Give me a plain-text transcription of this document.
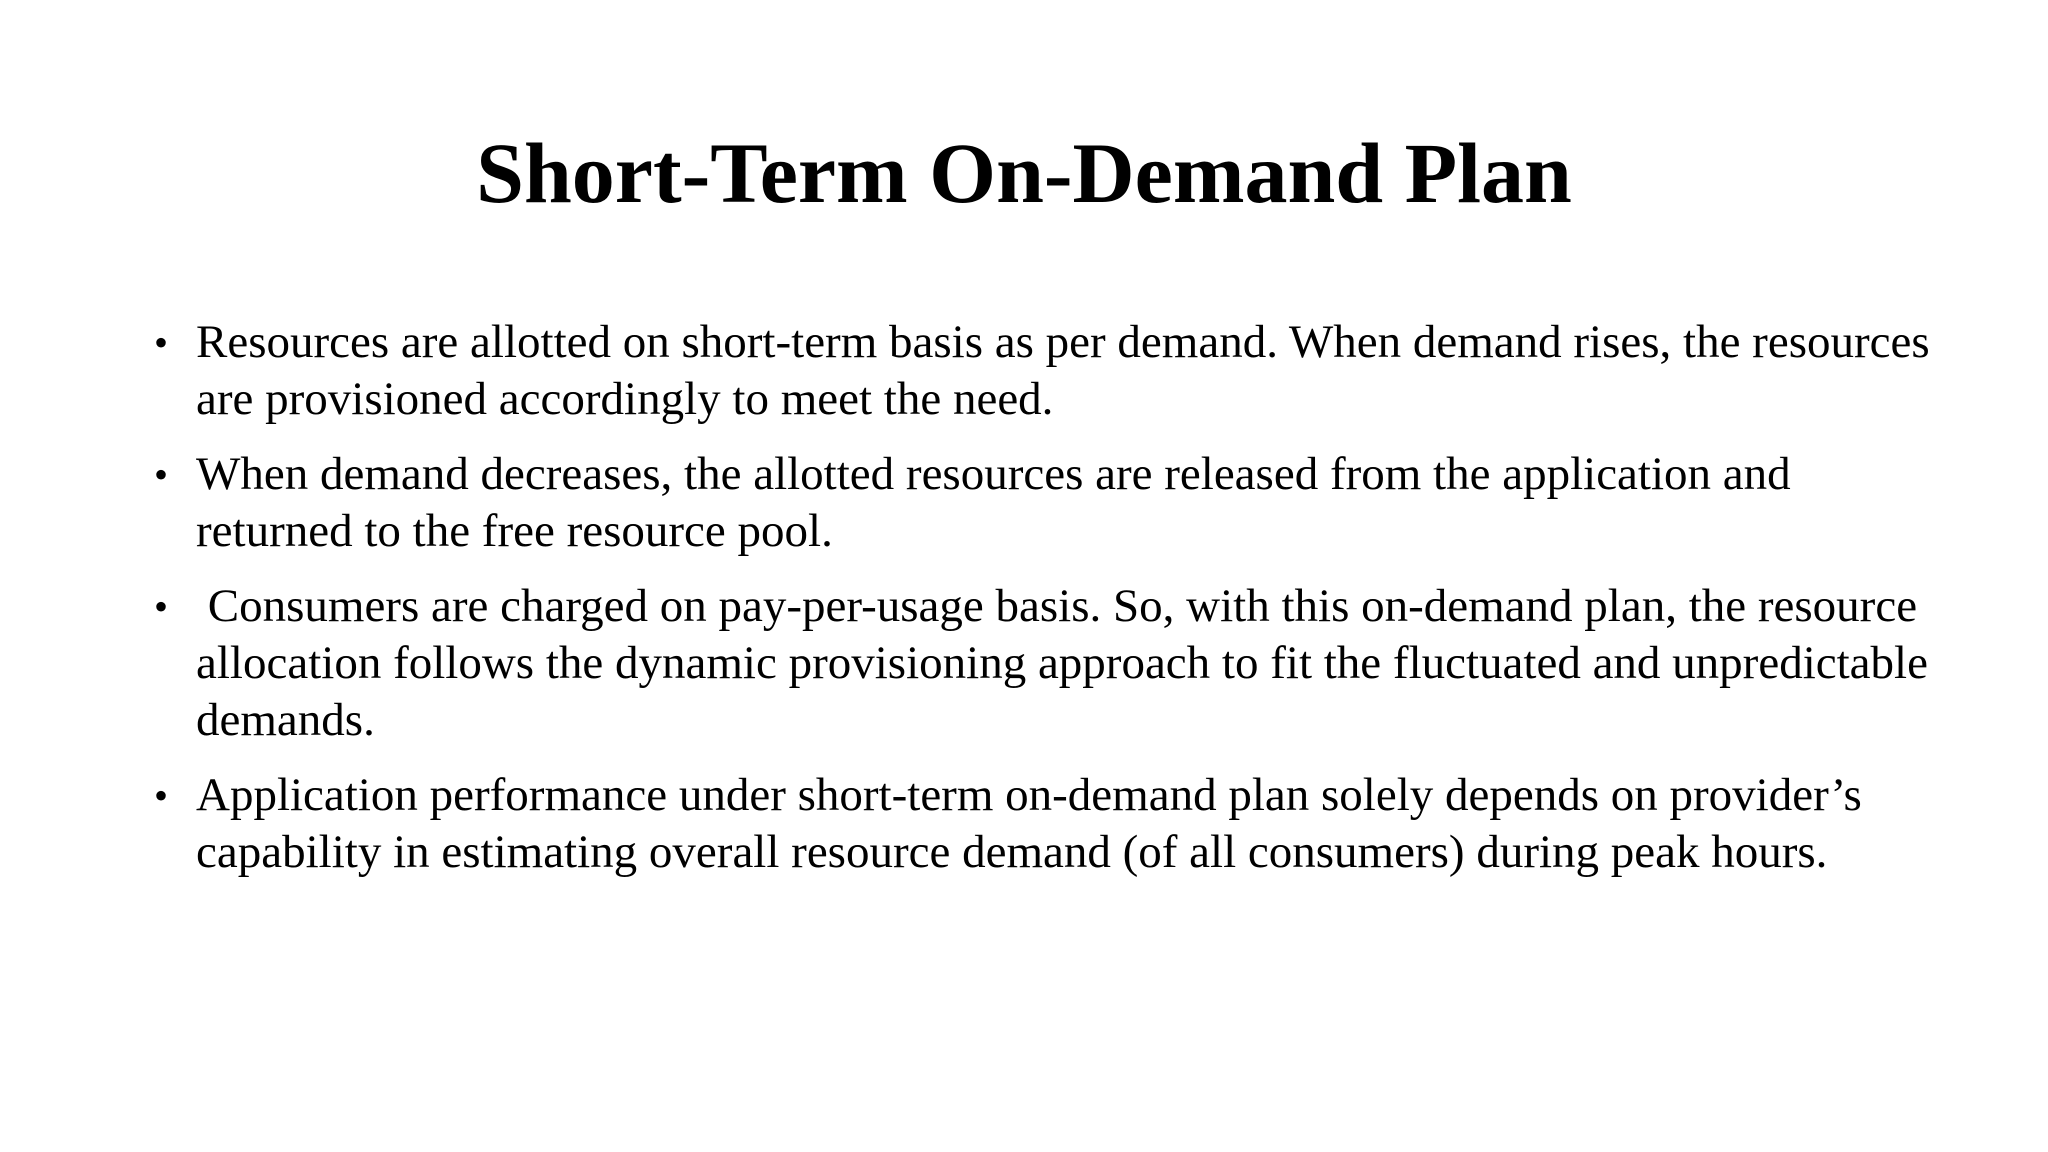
Short-Term On-Demand Plan
• Resources are allotted on short-term basis as per demand. When demand rises, the resources are provisioned accordingly to meet the need.
• When demand decreases, the allotted resources are released from the application and returned to the free resource pool.
• Consumers are charged on pay-per-usage basis. So, with this on-demand plan, the resource allocation follows the dynamic provisioning approach to fit the fluctuated and unpredictable demands.
• Application performance under short-term on-demand plan solely depends on provider’s capability in estimating overall resource demand (of all consumers) during peak hours.
